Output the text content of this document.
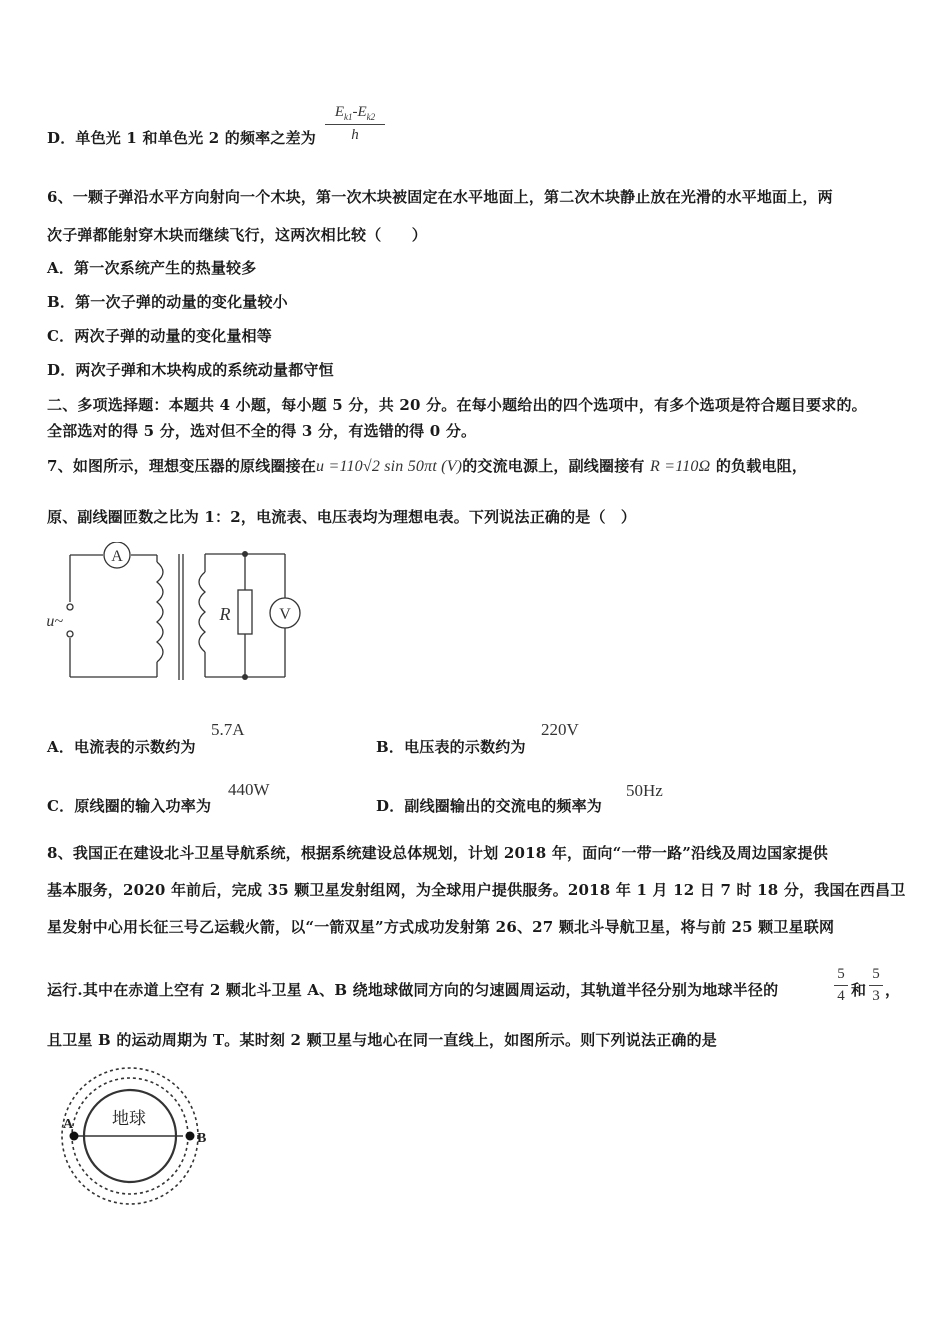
D．单色光 1 和单色光 2 的频率之差为
$E_{k1}-E_{k2}$
h
6、一颗子弹沿水平方向射向一个木块，第一次木块被固定在水平地面上，第二次木块静止放在光滑的水平地面上，两
次子弹都能射穿木块而继续飞行，这两次相比较（　　）
A．第一次系统产生的热量较多
B．第一次子弹的动量的变化量较小
C．两次子弹的动量的变化量相等
D．两次子弹和木块构成的系统动量都守恒
二、多项选择题：本题共 4 小题，每小题 5 分，共 20 分。在每小题给出的四个选项中，有多个选项是符合题目要求的。
全部选对的得 5 分，选对但不全的得 3 分，有选错的得 0 分。
7、如图所示，理想变压器的原线圈接在u =110√2 sin 50πt (V)的交流电源上，副线圈接有 R =110Ω 的负载电阻，
原、副线圈匝数之比为 1：2，电流表、电压表均为理想电表。下列说法正确的是（　）
A
V
R
u~
A．电流表的示数约为
5.7A
B．电压表的示数约为
220V
C．原线圈的输入功率为
440W
D．副线圈输出的交流电的频率为
50Hz
8、我国正在建设北斗卫星导航系统，根据系统建设总体规划，计划 2018 年，面向“一带一路”沿线及周边国家提供
基本服务，2020 年前后，完成 35 颗卫星发射组网，为全球用户提供服务。2018 年 1 月 12 日 7 时 18 分，我国在西昌卫
星发射中心用长征三号乙运载火箭，以“一箭双星”方式成功发射第 26、27 颗北斗导航卫星，将与前 25 颗卫星联网
运行.其中在赤道上空有 2 颗北斗卫星 A、B 绕地球做同方向的匀速圆周运动，其轨道半径分别为地球半径的
5
4 和
5
3 ，
且卫星 B 的运动周期为 T。某时刻 2 颗卫星与地心在同一直线上，如图所示。则下列说法正确的是
地球
A
B
